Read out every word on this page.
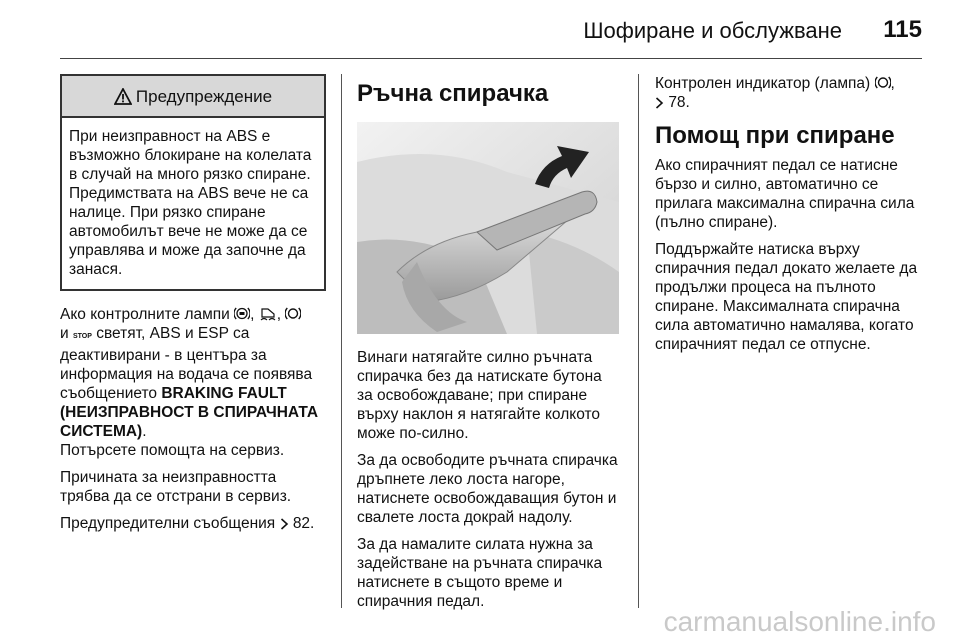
Шофиране и обслужване 115
Предупреждение
При неизправност на ABS е възможно блокиране на колелата в случай на много рязко спиране. Предимствата на ABS вече не са налице. При рязко спиране автомобилът вече не може да се управлява и може да започне да занася.

Ако контролните лампи , ,
и STOP светят, ABS и ESP са деактивирани - в центъра за информация на водача се появява съобщението BRAKING FAULT (НЕИЗПРАВНОСТ В СПИРАЧНАТА СИСТЕМА).
Потърсете помощта на сервиз.

Причината за неизправността трябва да се отстрани в сервиз.

Предупредителни съобщения 82.

Ръчна спирачка

Винаги натягайте силно ръчната спирачка без да натискате бутона за освобождаване; при спиране върху наклон я натягайте колкото може по-силно.

За да освободите ръчната спирачка дръпнете леко лоста нагоре, натиснете освобождаващия бутон и свалете лоста докрай надолу.

За да намалите силата нужна за задействане на ръчната спирачка натиснете в същото време и спирачния педал.

Контролен индикатор (лампа) ,
78.

Помощ при спиране

Ако спирачният педал се натисне бързо и силно, автоматично се прилага максимална спирачна сила (пълно спиране).

Поддържайте натиска върху спирачния педал докато желаете да продължи процеса на пълното спиране. Максималната спирачна сила автоматично намалява, когато спирачният педал се отпусне.

carmanualsonline.info
